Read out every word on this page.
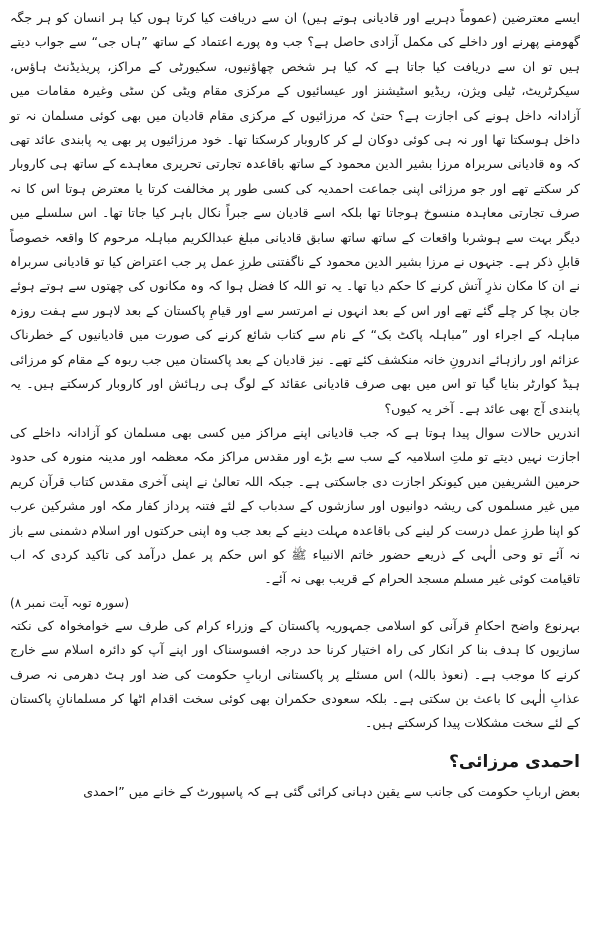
ایسے معترضین (عموماً دہریے اور قادیانی ہوتے ہیں) ان سے دریافت کیا کرتا ہوں کیا ہر انسان کو ہر جگہ گھومنے پھرنے اور داخلے کی مکمل آزادی حاصل ہے؟ جب وہ پورے اعتماد کے ساتھ ”ہاں جی“ سے جواب دیتے ہیں تو ان سے دریافت کیا جاتا ہے کہ کیا ہر شخص چھاؤنیوں، سکیورٹی کے مراکز، پریذیڈنٹ ہاؤس، سیکرٹریٹ، ٹیلی ویژن، ریڈیو اسٹیشنز اور عیسائیوں کے مرکزی مقام ویٹی کن سٹی وغیرہ مقامات میں آزادانہ داخل ہونے کی اجازت ہے؟ حتیٰ کہ مرزائیوں کے مرکزی مقام قادیان میں بھی کوئی مسلمان نہ تو داخل ہوسکتا تھا اور نہ ہی کوئی دوکان لے کر کاروبار کرسکتا تھا۔ خود مرزائیوں پر بھی یہ پابندی عائد تھی کہ وہ قادیانی سربراہ مرزا بشیر الدین محمود کے ساتھ باقاعدہ تجارتی تحریری معاہدے کے ساتھ ہی کاروبار کر سکتے تھے اور جو مرزائی اپنی جماعت احمدیہ کی کسی طور پر مخالفت کرتا یا معترض ہوتا اس کا نہ صرف تجارتی معاہدہ منسوخ ہوجاتا تھا بلکہ اسے قادیان سے جبراً نکال باہر کیا جاتا تھا۔ اس سلسلے میں دیگر بہت سے ہوشربا واقعات کے ساتھ ساتھ سابق قادیانی مبلغ عبدالکریم مباہلہ مرحوم کا واقعہ خصوصاً قابلِ ذکر ہے۔ جنہوں نے مرزا بشیر الدین محمود کے ناگفتنی طرزِ عمل پر جب اعتراض کیا تو قادیانی سربراہ نے ان کا مکان نذرِ آتش کرنے کا حکم دیا تھا۔ یہ تو اللہ کا فضل ہوا کہ وہ مکانوں کی چھتوں سے ہوتے ہوئے جان بچا کر چلے گئے تھے اور اس کے بعد انہوں نے امرتسر سے اور قیامِ پاکستان کے بعد لاہور سے ہفت روزہ مباہلہ کے اجراء اور ”مباہلہ پاکٹ بک“ کے نام سے کتاب شائع کرنے کی صورت میں قادیانیوں کے خطرناک عزائم اور رازہائے اندرونِ خانہ منکشف کئے تھے۔ نیز قادیان کے بعد پاکستان میں جب ربوہ کے مقام کو مرزائی ہیڈ کوارٹر بنایا گیا تو اس میں بھی صرف قادیانی عقائد کے لوگ ہی رہائش اور کاروبار کرسکتے ہیں۔ یہ پابندی آج بھی عائد ہے۔ آخر یہ کیوں؟

اندریں حالات سوال پیدا ہوتا ہے کہ جب قادیانی اپنے مراکز میں کسی بھی مسلمان کو آزادانہ داخلے کی اجازت نہیں دیتے تو ملتِ اسلامیہ کے سب سے بڑے اور مقدس مراکز مکہ معظمہ اور مدینہ منورہ کی حدود حرمین الشریفین میں کیونکر اجازت دی جاسکتی ہے۔ جبکہ اللہ تعالیٰ نے اپنی آخری مقدس کتاب قرآن کریم میں غیر مسلموں کی ریشہ دوانیوں اور سازشوں کے سدباب کے لئے فتنہ پرداز کفار مکہ اور مشرکین عرب کو اپنا طرزِ عمل درست کر لینے کی باقاعدہ مہلت دینے کے بعد جب وہ اپنی حرکتوں اور اسلام دشمنی سے باز نہ آئے تو وحی الٰہی کے ذریعے حضور خاتم الانبیاء ﷺ کو اس حکم پر عمل درآمد کی تاکید کردی کہ اب تاقیامت کوئی غیر مسلم مسجد الحرام کے قریب بھی نہ آئے۔

(سورہ توبہ آیت نمبر ۸)

بہرنوع واضح احکامِ قرآنی کو اسلامی جمہوریہ پاکستان کے وزراء کرام کی طرف سے خوامخواہ کی نکتہ سازیوں کا ہدف بنا کر انکار کی راہ اختیار کرنا حد درجہ افسوسناک اور اپنے آپ کو دائرہ اسلام سے خارج کرنے کا موجب ہے۔ (نعوذ باللہ) اس مسئلے پر پاکستانی اربابِ حکومت کی ضد اور ہٹ دھرمی نہ صرف عذابِ الٰہی کا باعث بن سکتی ہے۔ بلکہ سعودی حکمران بھی کوئی سخت اقدام اٹھا کر مسلمانانِ پاکستان کے لئے سخت مشکلات پیدا کرسکتے ہیں۔

احمدی مرزائی؟

بعض اربابِ حکومت کی جانب سے یقین دہانی کرائی گئی ہے کہ پاسپورٹ کے خانے میں ”احمدی
